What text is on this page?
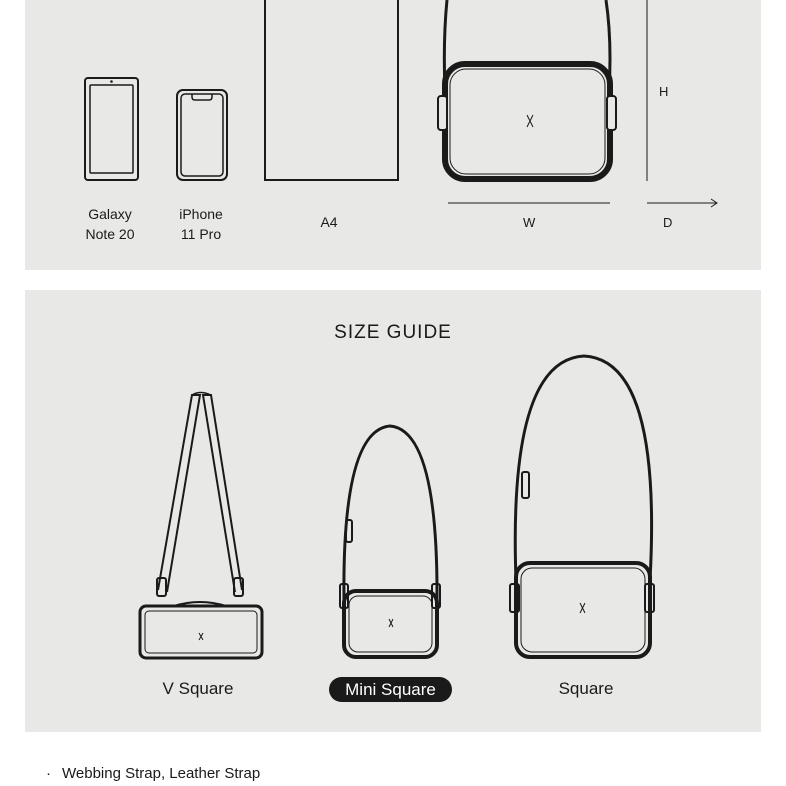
Galaxy
Note 20
iPhone
11 Pro
A4
H
W	D
SIZE GUIDE
V Square	Mini Square	Square
· Webbing Strap, Leather Strap
